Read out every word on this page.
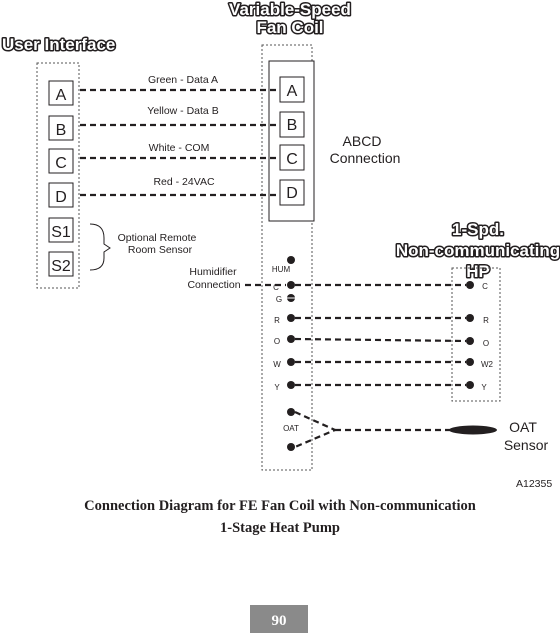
Variable-Speed
Fan Coil
User Interface
A
B
C
D
S1
S2
A
B
C
D
ABCD
Connection
Green - Data A
Yellow - Data B
White - COM
Red - 24VAC
Optional Remote
Room Sensor
HUM
C
G
R
O
W
Y
OAT
Humidifier
Connection
1-Spd.
Non-communicating
HP
C
R
O
W2
Y
OAT
Sensor
A12355
Connection Diagram for FE Fan Coil with Non-communication
1-Stage Heat Pump
90
